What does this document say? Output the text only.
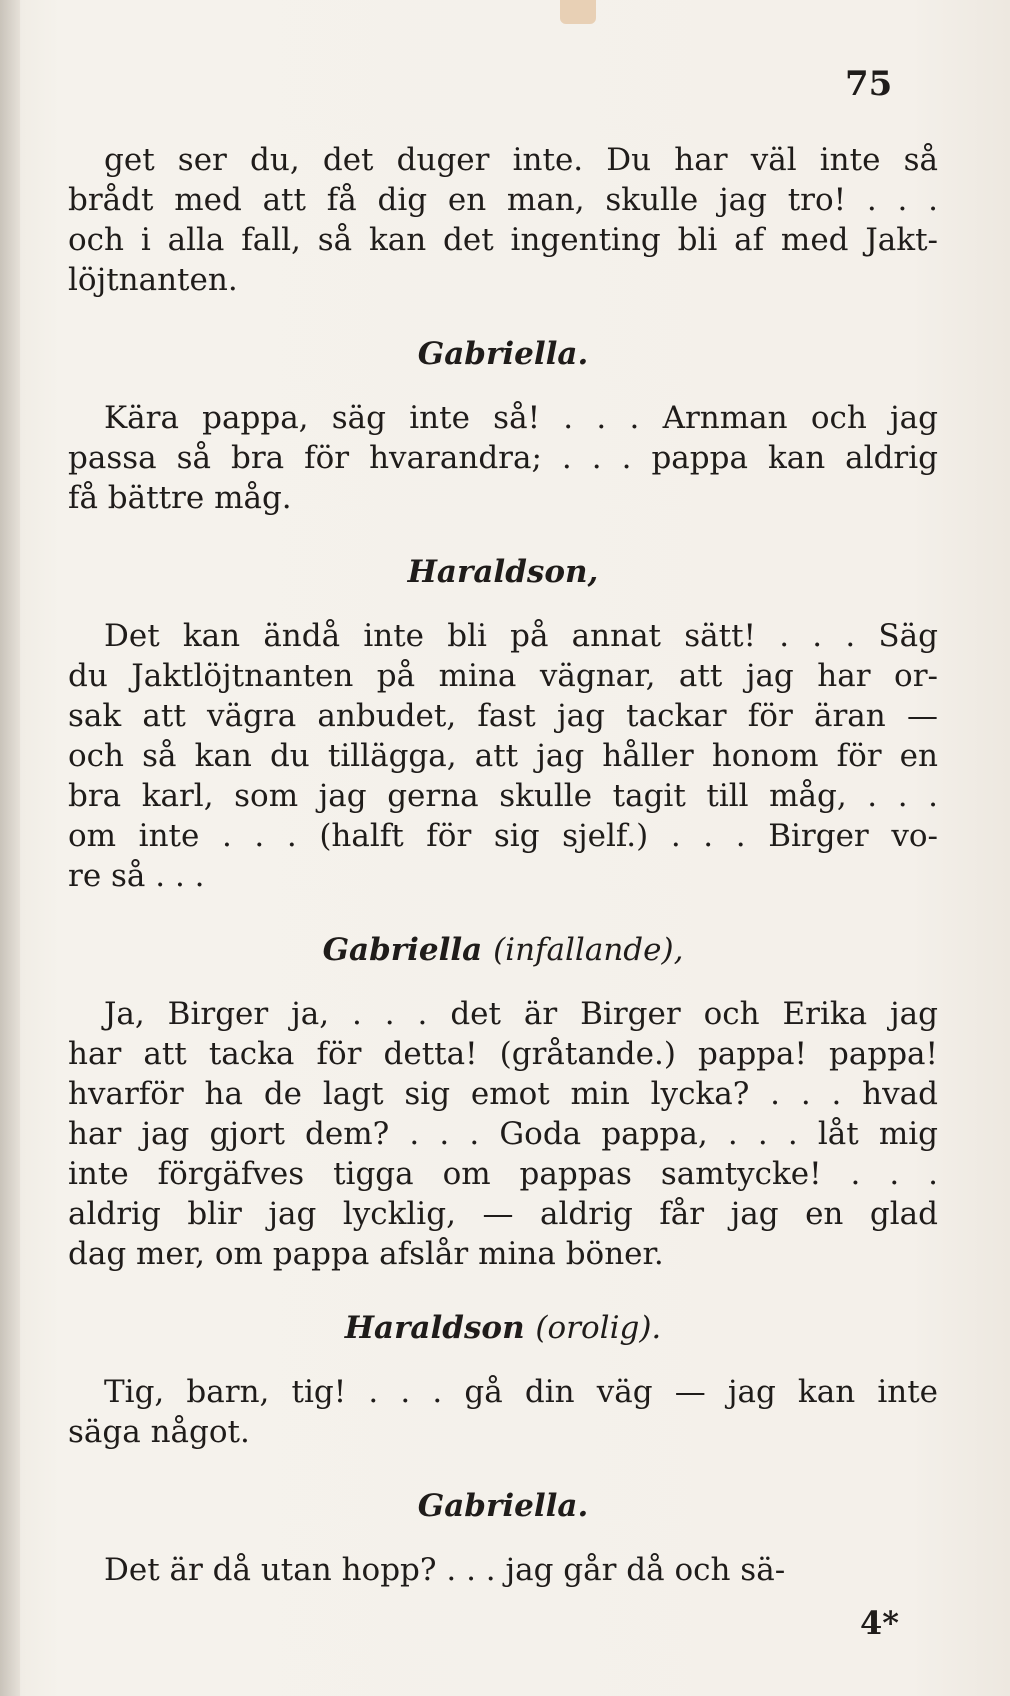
75
get ser du, det duger inte. Du har väl inte så
brådt med att få dig en man, skulle jag tro! . . .
och i alla fall, så kan det ingenting bli af med Jakt-
löjtnanten.
Gabriella.
Kära pappa, säg inte så! . . . Arnman och jag
passa så bra för hvarandra; . . . pappa kan aldrig
få bättre måg.
Haraldson,
Det kan ändå inte bli på annat sätt! . . . Säg
du Jaktlöjtnanten på mina vägnar, att jag har or-
sak att vägra anbudet, fast jag tackar för äran —
och så kan du tillägga, att jag håller honom för en
bra karl, som jag gerna skulle tagit till måg, . . .
om inte . . . (halft för sig sjelf.) . . . Birger vo-
re så . . .
Gabriella (infallande),
Ja, Birger ja, . . . det är Birger och Erika jag
har att tacka för detta! (gråtande.) pappa! pappa!
hvarför ha de lagt sig emot min lycka? . . . hvad
har jag gjort dem? . . . Goda pappa, . . . låt mig
inte förgäfves tigga om pappas samtycke! . . .
aldrig blir jag lycklig, — aldrig får jag en glad
dag mer, om pappa afslår mina böner.
Haraldson (orolig).
Tig, barn, tig! . . . gå din väg — jag kan inte
säga något.
Gabriella.
Det är då utan hopp? . . . jag går då och sä-
4*
